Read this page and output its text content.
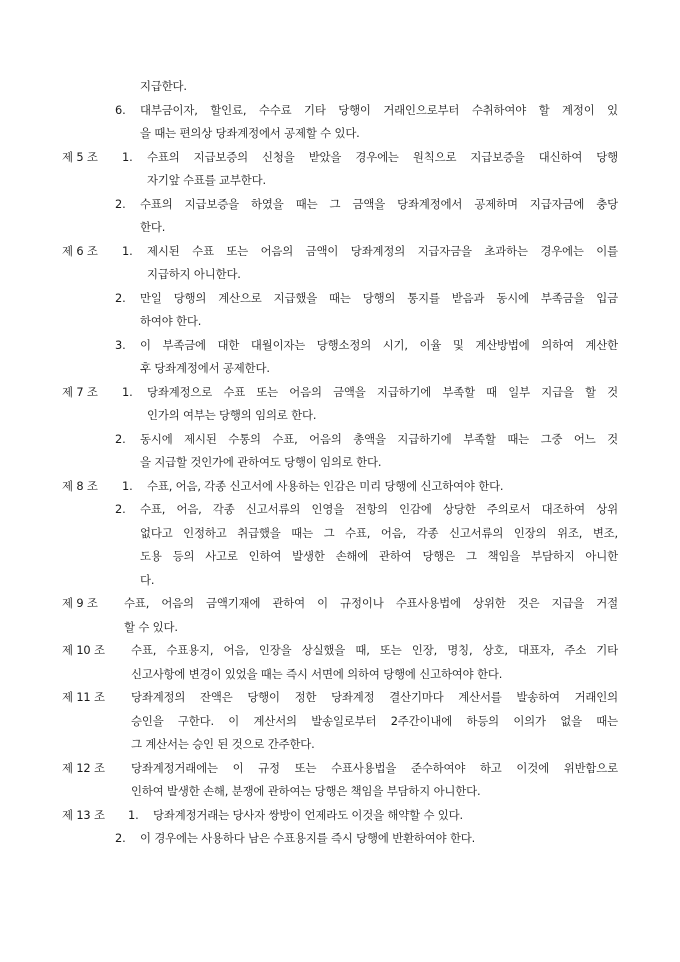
지급한다.
6. 대부금이자, 할인료, 수수료 기타 당행이 거래인으로부터 수취하여야 할 계정이 있
을 때는 편의상 당좌계정에서 공제할 수 있다.
제 5 조 1. 수표의 지급보증의 신청을 받았을 경우에는 원칙으로 지급보증을 대신하여 당행
자기앞 수표를 교부한다.
2. 수표의 지급보증을 하였을 때는 그 금액을 당좌계정에서 공제하며 지급자금에 충당
한다.
제 6 조 1. 제시된 수표 또는 어음의 금액이 당좌계정의 지급자금을 초과하는 경우에는 이를
지급하지 아니한다.
2. 만일 당행의 계산으로 지급했을 때는 당행의 통지를 받음과 동시에 부족금을 입금
하여야 한다.
3. 이 부족금에 대한 대월이자는 당행소정의 시기, 이율 및 계산방법에 의하여 계산한
후 당좌계정에서 공제한다.
제 7 조 1. 당좌계정으로 수표 또는 어음의 금액을 지급하기에 부족할 때 일부 지급을 할 것
인가의 여부는 당행의 임의로 한다.
2. 동시에 제시된 수통의 수표, 어음의 총액을 지급하기에 부족할 때는 그중 어느 것
을 지급할 것인가에 관하여도 당행이 임의로 한다.
제 8 조 1. 수표, 어음, 각종 신고서에 사용하는 인감은 미리 당행에 신고하여야 한다.
2. 수표, 어음, 각종 신고서류의 인영을 전항의 인감에 상당한 주의로서 대조하여 상위
없다고 인정하고 취급했을 때는 그 수표, 어음, 각종 신고서류의 인장의 위조, 변조,
도용 등의 사고로 인하여 발생한 손해에 관하여 당행은 그 책임을 부담하지 아니한
다.
제 9 조 수표, 어음의 금액기재에 관하여 이 규정이나 수표사용법에 상위한 것은 지급을 거절
할 수 있다.
제 10 조 수표, 수표용지, 어음, 인장을 상실했을 때, 또는 인장, 명칭, 상호, 대표자, 주소 기타
신고사항에 변경이 있었을 때는 즉시 서면에 의하여 당행에 신고하여야 한다.
제 11 조 당좌계정의 잔액은 당행이 정한 당좌계정 결산기마다 계산서를 발송하여 거래인의
승인을 구한다. 이 계산서의 발송일로부터 2주간이내에 하등의 이의가 없을 때는
그 계산서는 승인 된 것으로 간주한다.
제 12 조 당좌계정거래에는 이 규정 또는 수표사용법을 준수하여야 하고 이것에 위반함으로
인하여 발생한 손해, 분쟁에 관하여는 당행은 책임을 부담하지 아니한다.
제 13 조 1. 당좌계정거래는 당사자 쌍방이 언제라도 이것을 해약할 수 있다.
2. 이 경우에는 사용하다 남은 수표용지를 즉시 당행에 반환하여야 한다.
